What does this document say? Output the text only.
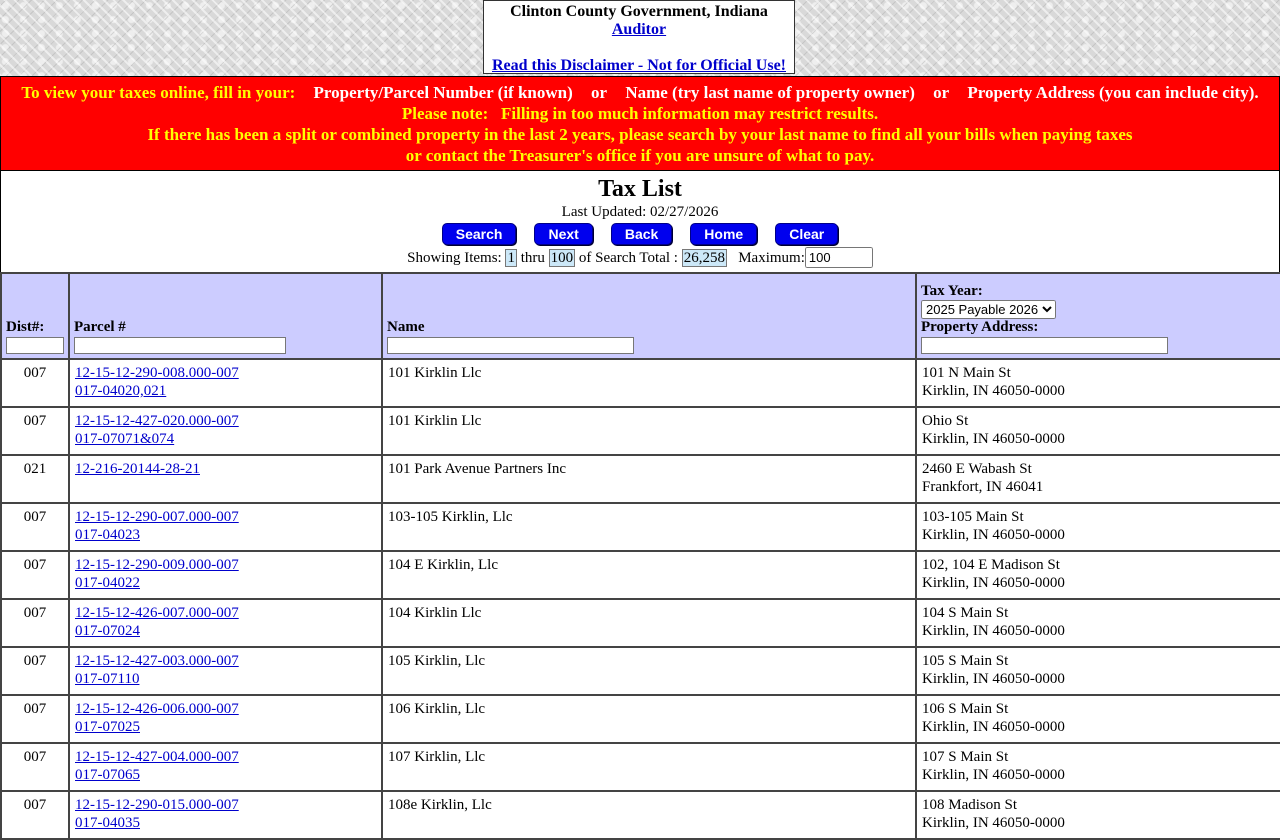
Clinton County Government, Indiana
Auditor
Read this Disclaimer - Not for Official Use!
To view your taxes online, fill in your: Property/Parcel Number (if known) or Name (try last name of property owner) or Property Address (you can include city).
Please note:   Filling in too much information may restrict results.
If there has been a split or combined property in the last 2 years, please search by your last name to find all your bills when paying taxes
or contact the Treasurer's office if you are unsure of what to pay.
Tax List
Last Updated: 02/27/2026
Search	Next	Back	Home	Clear
Showing Items: 1 thru 100 of Search Total : 26,258 Maximum:100
Dist#:	Parcel #	Name	Tax Year:
2025 Payable 2026
Property Address:

007	12-15-12-290-008.000-007
017-04020,021	101 Kirklin Llc	101 N Main St
Kirklin, IN 46050-0000
007	12-15-12-427-020.000-007
017-07071&074	101 Kirklin Llc	Ohio St
Kirklin, IN 46050-0000
021	12-216-20144-28-21	101 Park Avenue Partners Inc	2460 E Wabash St
Frankfort, IN 46041
007	12-15-12-290-007.000-007
017-04023	103-105 Kirklin, Llc	103-105 Main St
Kirklin, IN 46050-0000
007	12-15-12-290-009.000-007
017-04022	104 E Kirklin, Llc	102, 104 E Madison St
Kirklin, IN 46050-0000
007	12-15-12-426-007.000-007
017-07024	104 Kirklin Llc	104 S Main St
Kirklin, IN 46050-0000
007	12-15-12-427-003.000-007
017-07110	105 Kirklin, Llc	105 S Main St
Kirklin, IN 46050-0000
007	12-15-12-426-006.000-007
017-07025	106 Kirklin, Llc	106 S Main St
Kirklin, IN 46050-0000
007	12-15-12-427-004.000-007
017-07065	107 Kirklin, Llc	107 S Main St
Kirklin, IN 46050-0000
007	12-15-12-290-015.000-007
017-04035	108e Kirklin, Llc	108 Madison St
Kirklin, IN 46050-0000
